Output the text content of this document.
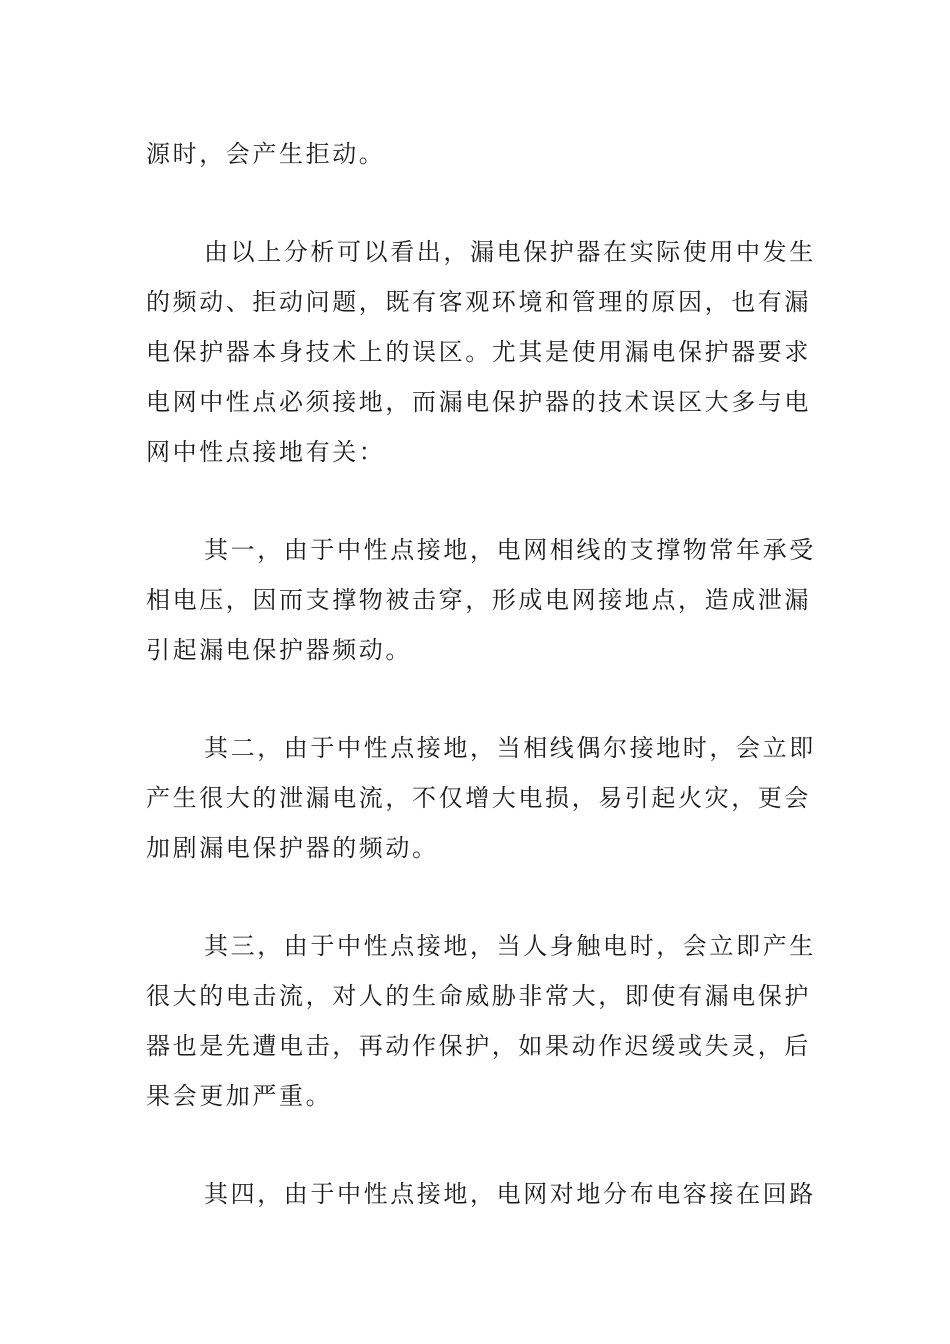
源时，会产生拒动。
由以上分析可以看出，漏电保护器在实际使用中发生
的频动、拒动问题，既有客观环境和管理的原因，也有漏
电保护器本身技术上的误区。尤其是使用漏电保护器要求
电网中性点必须接地，而漏电保护器的技术误区大多与电
网中性点接地有关：
其一，由于中性点接地，电网相线的支撑物常年承受
相电压，因而支撑物被击穿，形成电网接地点，造成泄漏
引起漏电保护器频动。
其二，由于中性点接地，当相线偶尔接地时，会立即
产生很大的泄漏电流，不仅增大电损，易引起火灾，更会
加剧漏电保护器的频动。
其三，由于中性点接地，当人身触电时，会立即产生
很大的电击流，对人的生命威胁非常大，即使有漏电保护
器也是先遭电击，再动作保护，如果动作迟缓或失灵，后
果会更加严重。
其四，由于中性点接地，电网对地分布电容接在回路
